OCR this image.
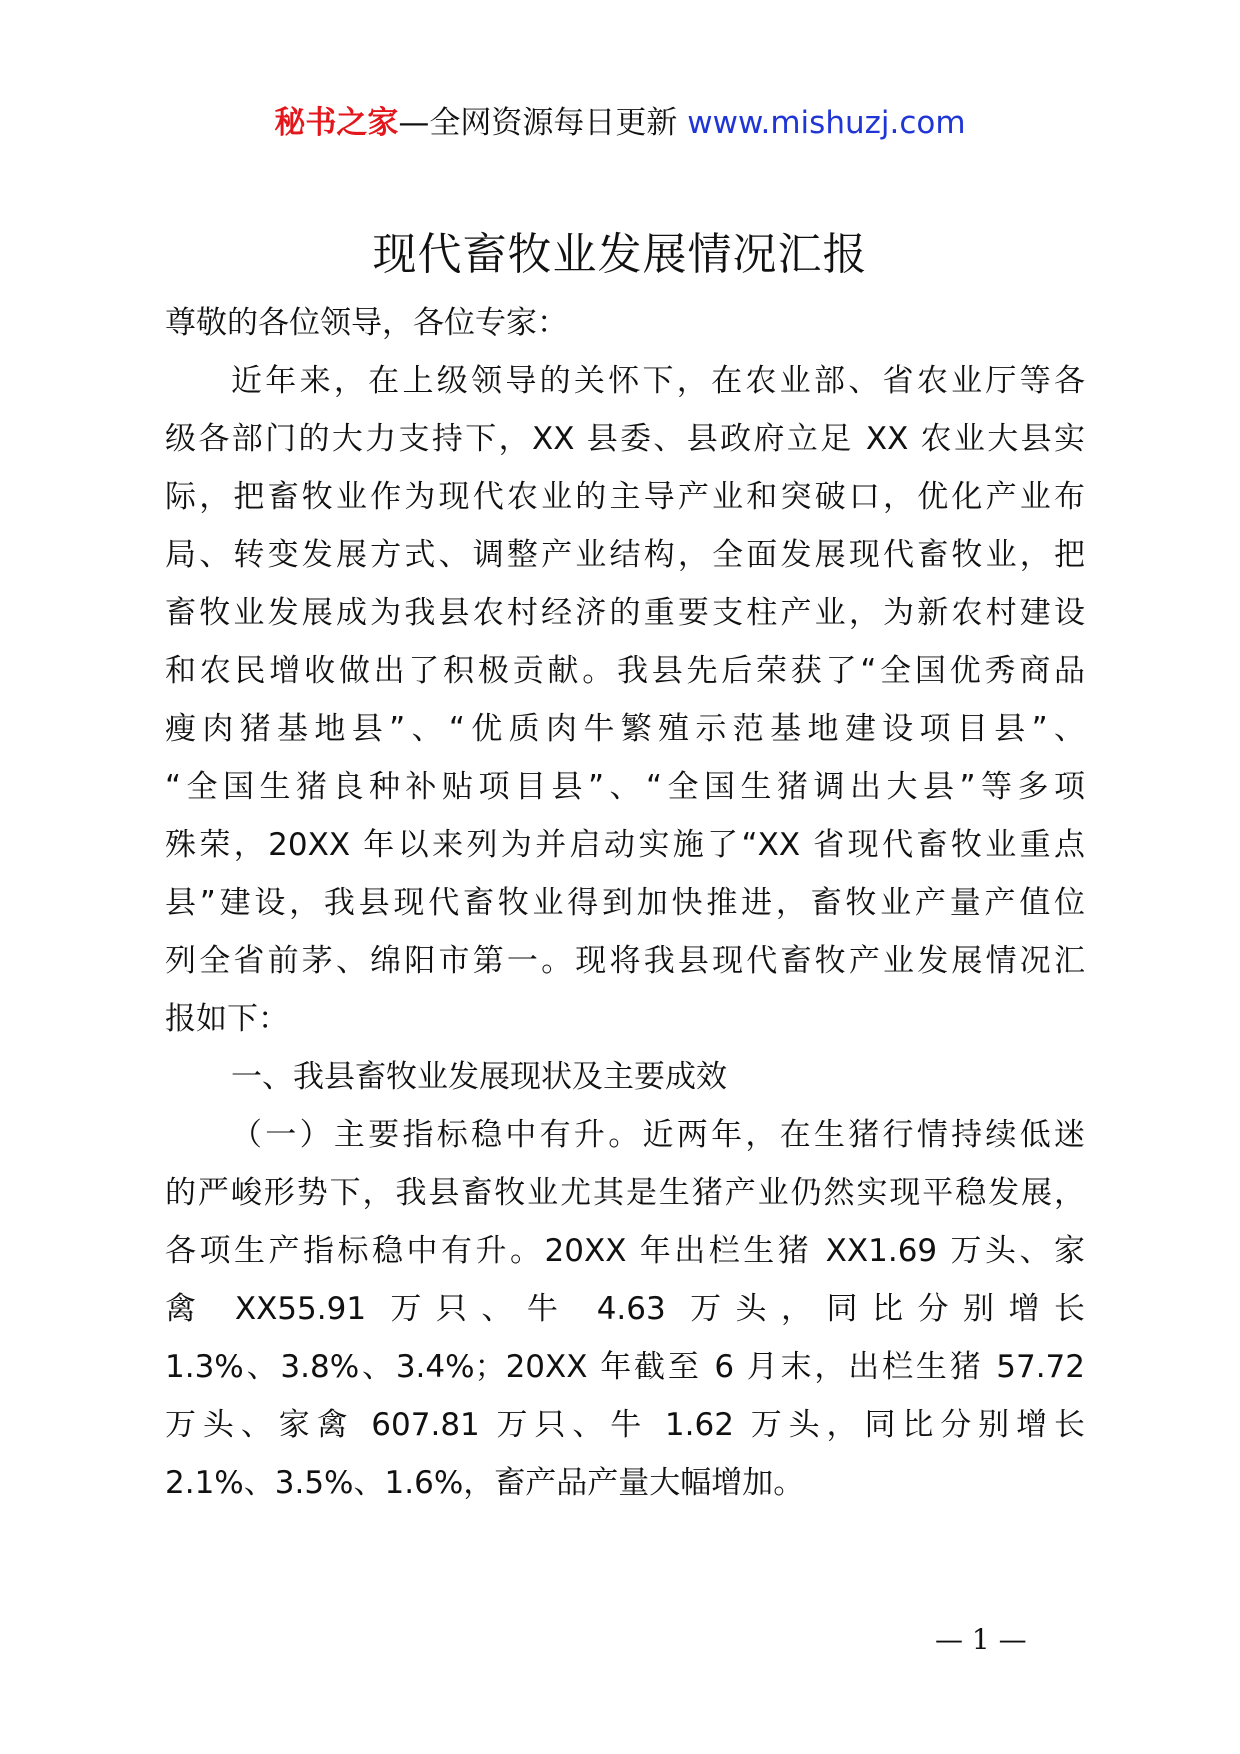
秘书之家—全网资源每日更新 www.mishuzj.com
现代畜牧业发展情况汇报
尊敬的各位领导，各位专家：
近年来，在上级领导的关怀下，在农业部、省农业厅等各
级各部门的大力支持下，XX 县委、县政府立足 XX 农业大县实
际，把畜牧业作为现代农业的主导产业和突破口，优化产业布
局、转变发展方式、调整产业结构，全面发展现代畜牧业，把
畜牧业发展成为我县农村经济的重要支柱产业，为新农村建设
和农民增收做出了积极贡献。我县先后荣获了“全国优秀商品
瘦肉猪基地县”、“优质肉牛繁殖示范基地建设项目县”、
“全国生猪良种补贴项目县”、“全国生猪调出大县”等多项
殊荣，20XX 年以来列为并启动实施了“XX 省现代畜牧业重点
县”建设，我县现代畜牧业得到加快推进，畜牧业产量产值位
列全省前茅、绵阳市第一。现将我县现代畜牧产业发展情况汇
报如下：
一、我县畜牧业发展现状及主要成效
（一）主要指标稳中有升。近两年，在生猪行情持续低迷
的严峻形势下，我县畜牧业尤其是生猪产业仍然实现平稳发展，
各项生产指标稳中有升。20XX 年出栏生猪 XX1.69 万头、家
禽 XX55.91 万只、牛 4.63 万头，同比分别增长
1.3%、3.8%、3.4%；20XX 年截至 6 月末，出栏生猪 57.72
万头、家禽 607.81 万只、牛 1.62 万头，同比分别增长
2.1%、3.5%、1.6%，畜产品产量大幅增加。
— 1 —
